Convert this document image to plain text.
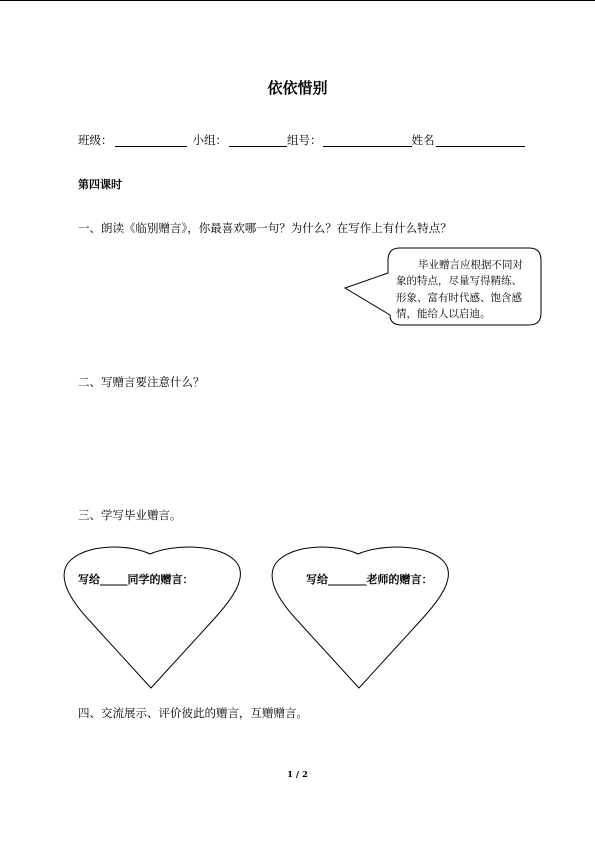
依依惜别
班级：	小组：	组号：	姓名
第四课时
一、朗读《临别赠言》，你最喜欢哪一句？为什么？在写作上有什么特点？
毕业赠言应根据不同对
象的特点，尽量写得精练、
形象、富有时代感、饱含感
情，能给人以启迪。
二、写赠言要注意什么？
三、学写毕业赠言。
写给_____同学的赠言：	写给_______老师的赠言：
四、交流展示、评价彼此的赠言，互赠赠言。
1 / 2
